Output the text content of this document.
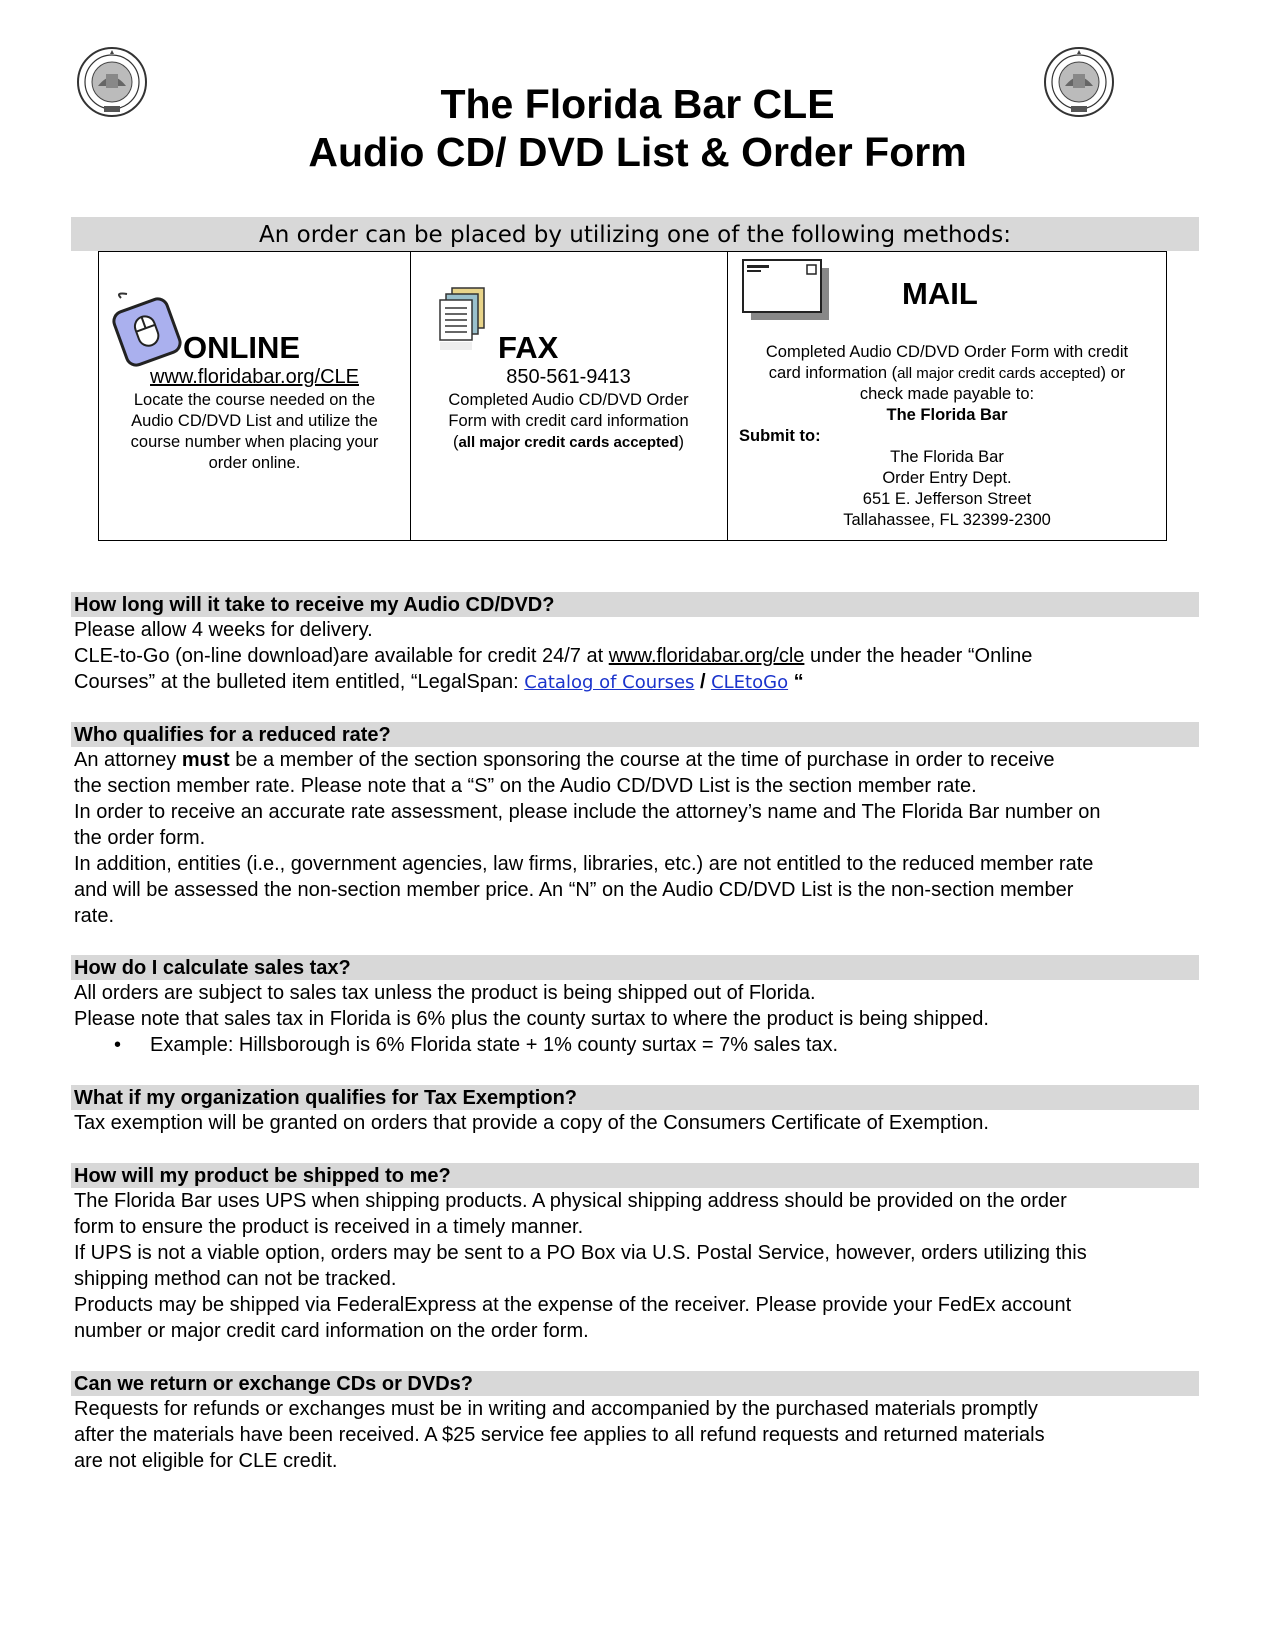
The Florida Bar CLE
Audio CD/ DVD List & Order Form
An order can be placed by utilizing one of the following methods:
ONLINE
www.floridabar.org/CLE
Locate the course needed on the
Audio CD/DVD List and utilize the
course number when placing your
order online.
FAX
850-561-9413
Completed Audio CD/DVD Order
Form with credit card information
(all major credit cards accepted)
MAIL
Completed Audio CD/DVD Order Form with credit
card information (all major credit cards accepted) or
check made payable to:
The Florida Bar
Submit to:
The Florida Bar
Order Entry Dept.
651 E. Jefferson Street
Tallahassee, FL 32399-2300
How long will it take to receive my Audio CD/DVD?

Please allow 4 weeks for delivery.

CLE-to-Go (on-line download)are available for credit 24/7 at www.floridabar.org/cle under the header “Online

Courses” at the bulleted item entitled, “LegalSpan: Catalog of Courses / CLEtoGo “

Who qualifies for a reduced rate?

An attorney must be a member of the section sponsoring the course at the time of purchase in order to receive

the section member rate. Please note that a “S” on the Audio CD/DVD List is the section member rate.

In order to receive an accurate rate assessment, please include the attorney’s name and The Florida Bar number on

the order form.

In addition, entities (i.e., government agencies, law firms, libraries, etc.) are not entitled to the reduced member rate

and will be assessed the non-section member price. An “N” on the Audio CD/DVD List is the non-section member

rate.

How do I calculate sales tax?

All orders are subject to sales tax unless the product is being shipped out of Florida.

Please note that sales tax in Florida is 6% plus the county surtax to where the product is being shipped.

• Example: Hillsborough is 6% Florida state + 1% county surtax = 7% sales tax.

What if my organization qualifies for Tax Exemption?

Tax exemption will be granted on orders that provide a copy of the Consumers Certificate of Exemption.

How will my product be shipped to me?

The Florida Bar uses UPS when shipping products. A physical shipping address should be provided on the order

form to ensure the product is received in a timely manner.

If UPS is not a viable option, orders may be sent to a PO Box via U.S. Postal Service, however, orders utilizing this

shipping method can not be tracked.

Products may be shipped via FederalExpress at the expense of the receiver. Please provide your FedEx account

number or major credit card information on the order form.

Can we return or exchange CDs or DVDs?

Requests for refunds or exchanges must be in writing and accompanied by the purchased materials promptly

after the materials have been received. A $25 service fee applies to all refund requests and returned materials

are not eligible for CLE credit.
